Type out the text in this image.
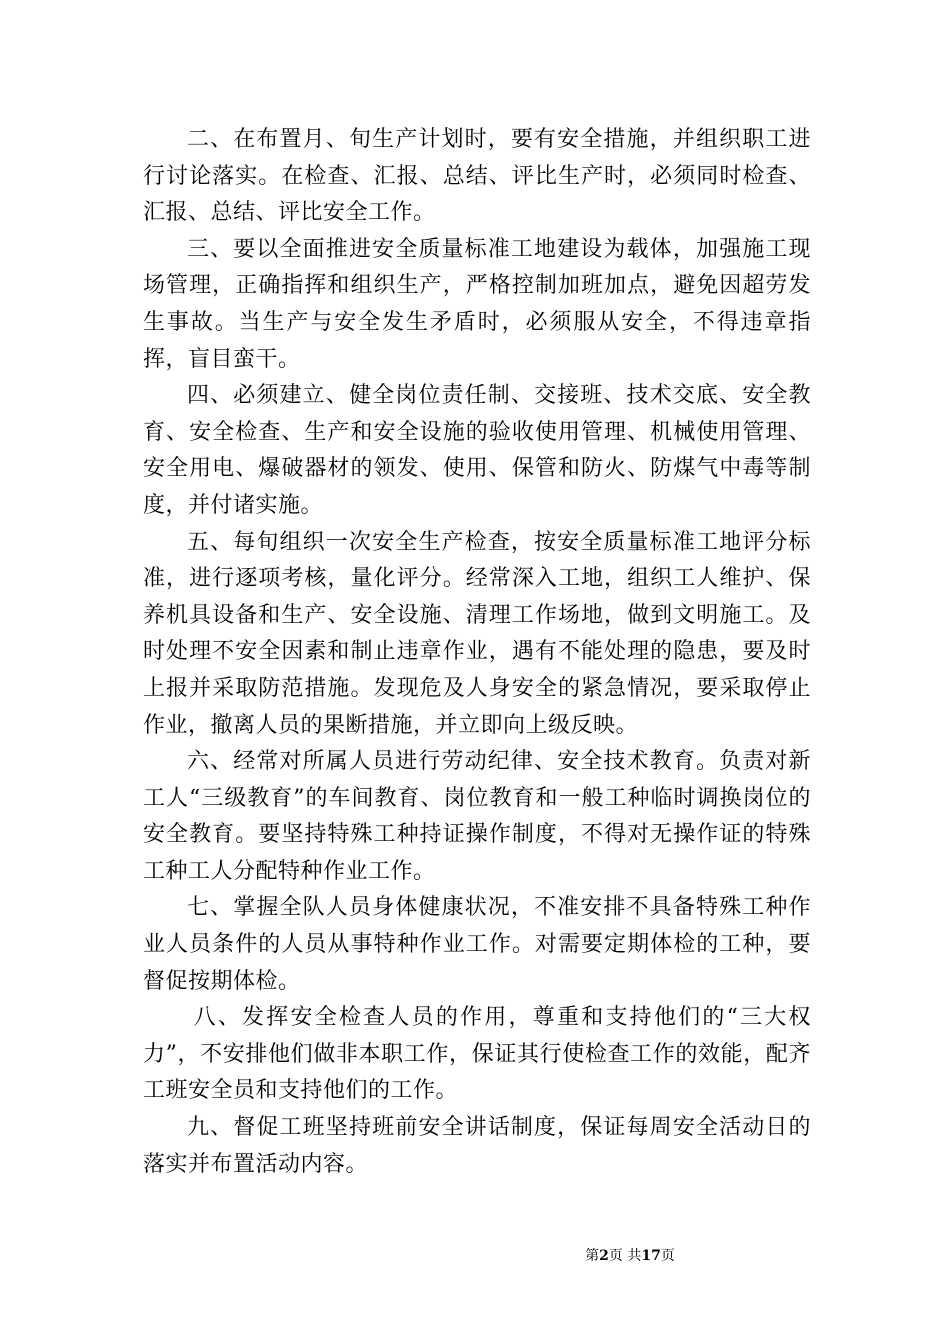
二、在布置月、旬生产计划时，要有安全措施，并组织职工进行讨论落实。在检查、汇报、总结、评比生产时，必须同时检查、汇报、总结、评比安全工作。

三、要以全面推进安全质量标准工地建设为载体，加强施工现场管理，正确指挥和组织生产，严格控制加班加点，避免因超劳发生事故。当生产与安全发生矛盾时，必须服从安全，不得违章指挥，盲目蛮干。

四、必须建立、健全岗位责任制、交接班、技术交底、安全教育、安全检查、生产和安全设施的验收使用管理、机械使用管理、安全用电、爆破器材的领发、使用、保管和防火、防煤气中毒等制度，并付诸实施。

五、每旬组织一次安全生产检查，按安全质量标准工地评分标准，进行逐项考核，量化评分。经常深入工地，组织工人维护、保养机具设备和生产、安全设施、清理工作场地，做到文明施工。及时处理不安全因素和制止违章作业，遇有不能处理的隐患，要及时上报并采取防范措施。发现危及人身安全的紧急情况，要采取停止作业，撤离人员的果断措施，并立即向上级反映。

六、经常对所属人员进行劳动纪律、安全技术教育。负责对新工人“三级教育”的车间教育、岗位教育和一般工种临时调换岗位的安全教育。要坚持特殊工种持证操作制度，不得对无操作证的特殊工种工人分配特种作业工作。

七、掌握全队人员身体健康状况，不准安排不具备特殊工种作业人员条件的人员从事特种作业工作。对需要定期体检的工种，要督促按期体检。

八、发挥安全检查人员的作用，尊重和支持他们的“三大权力”，不安排他们做非本职工作，保证其行使检查工作的效能，配齐工班安全员和支持他们的工作。

九、督促工班坚持班前安全讲话制度，保证每周安全活动日的落实并布置活动内容。

第2页 共17页
